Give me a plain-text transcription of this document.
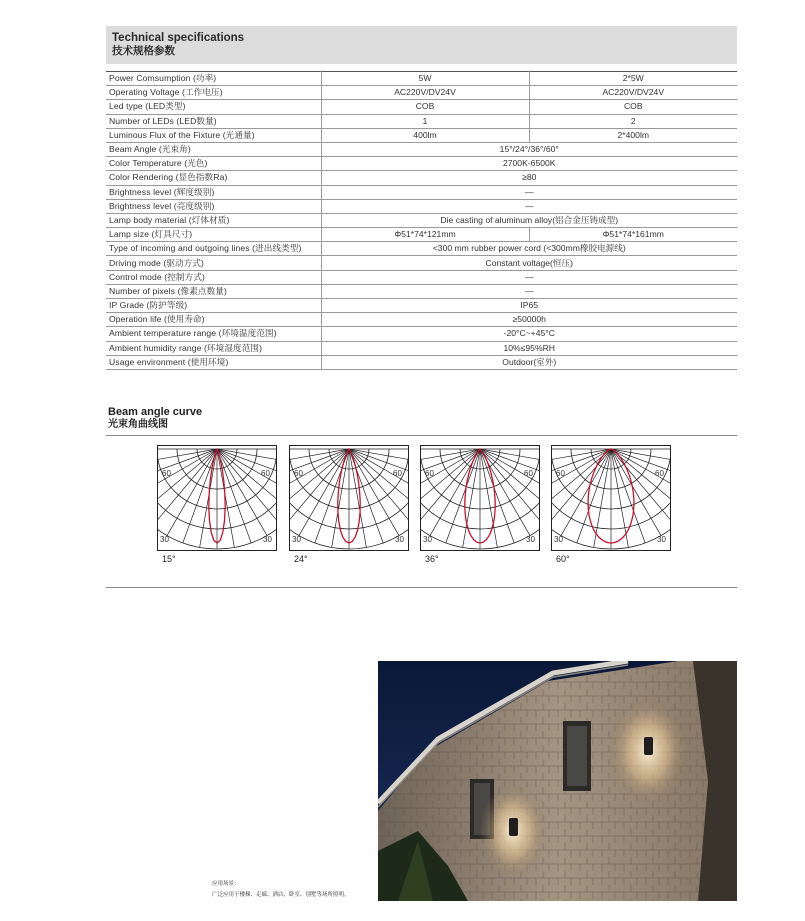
Technical specifications
技术规格参数
Power Comsumption (功率)	5W	2*5W
Operating Voltage (工作电压)	AC220V/DV24V	AC220V/DV24V
Led type (LED类型)	COB	COB
Number of LEDs (LED数量)	1	2
Luminous Flux of the Fixture (光通量)	400lm	2*400lm
Beam Angle (光束角)	15°/24°/36°/60°	
Color Temperature (光色)	2700K-6500K	
Color Rendering (显色指数Ra)	≥80	
Brightness level (辉度级别)	—	
Brightness level (亮度级别)	—	
Lamp body material (灯体材质)	Die casting of aluminum alloy(铝合金压铸成型)	
Lamp size (灯具尺寸)	Φ51*74*121mm	Φ51*74*161mm
Type of incoming and outgoing lines (进出线类型)	<300 mm rubber power cord (<300mm橡胶电源线)	
Driving mode (驱动方式)	Constant voltage(恒压)	
Control mode (控制方式)	—	
Number of pixels (像素点数量)	—	
IP Grade (防护等级)	IP65	
Operation life (使用寿命)	≥50000h	
Ambient temperature range (环境温度范围)	-20°C~+45°C	
Ambient humidity range (环境湿度范围)	10%≤95%RH	
Usage environment (使用环境)	Outdoor(室外)	
Beam angle curve
光束角曲线图
60	60
30	30
15°
60	60
30	30
24°
60	60
30	30
36°
60	60
30	30
60°
应用场景：
广泛应用于楼梯、走廊、酒店、卧室、别墅等场所照明。
